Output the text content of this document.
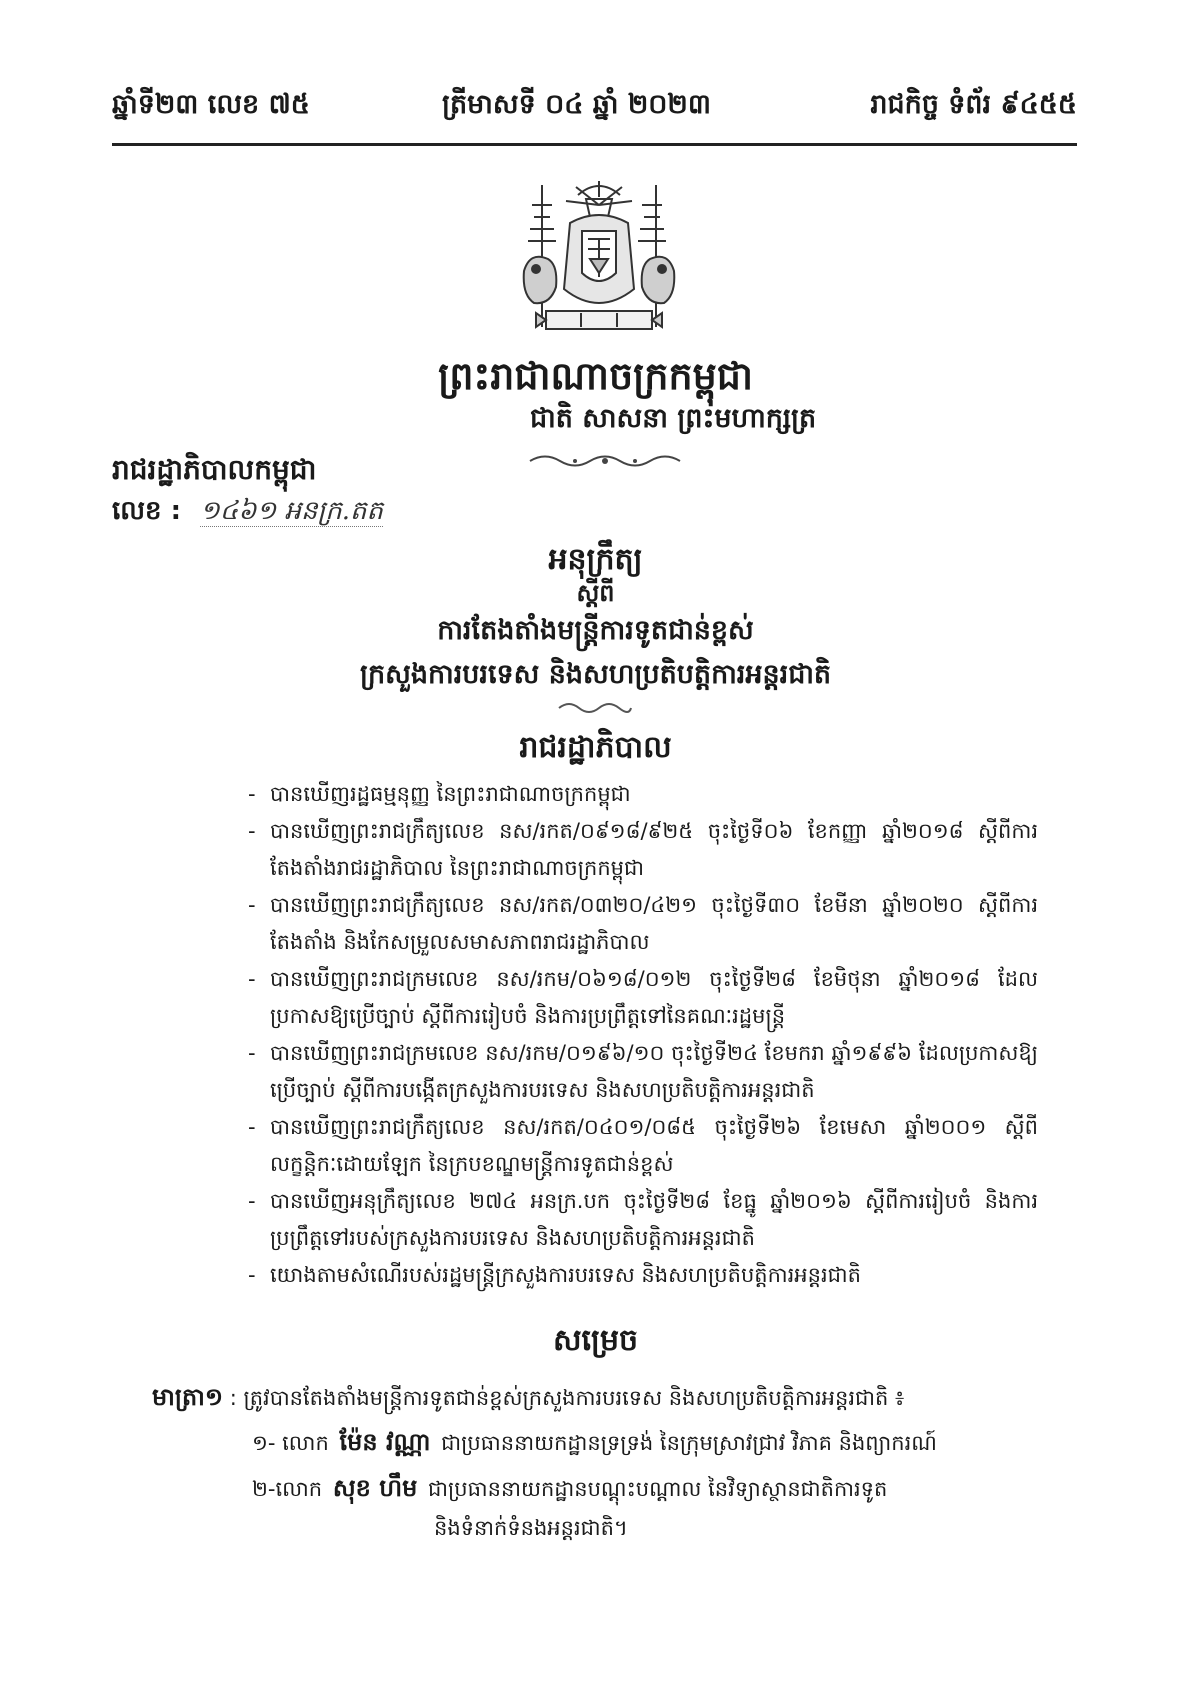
ឆ្នាំទី២៣ លេខ ៧៥	ត្រីមាសទី ០៤ ឆ្នាំ ២០២៣	រាជកិច្ច ទំព័រ ៩៤៥៥
ព្រះរាជាណាចក្រកម្ពុជា
ជាតិ សាសនា ព្រះមហាក្សត្រ
រាជរដ្ឋាភិបាលកម្ពុជា
លេខ : ១៤៦១ អនក្រ.តត
អនុក្រឹត្យ
ស្តីពី
ការតែងតាំងមន្ត្រីការទូតជាន់ខ្ពស់
ក្រសួងការបរទេស និងសហប្រតិបត្តិការអន្តរជាតិ
រាជរដ្ឋាភិបាល
- បានឃើញរដ្ឋធម្មនុញ្ញ នៃព្រះរាជាណាចក្រកម្ពុជា
- បានឃើញព្រះរាជក្រឹត្យលេខ នស/រកត/០៩១៨/៩២៥ ចុះថ្ងៃទី០៦ ខែកញ្ញា ឆ្នាំ២០១៨ ស្តីពីការតែងតាំងរាជរដ្ឋាភិបាល នៃព្រះរាជាណាចក្រកម្ពុជា
- បានឃើញព្រះរាជក្រឹត្យលេខ នស/រកត/០៣២០/៤២១ ចុះថ្ងៃទី៣០ ខែមីនា ឆ្នាំ២០២០ ស្តីពីការតែងតាំង និងកែសម្រួលសមាសភាពរាជរដ្ឋាភិបាល
- បានឃើញព្រះរាជក្រមលេខ នស/រកម/០៦១៨/០១២ ចុះថ្ងៃទី២៨ ខែមិថុនា ឆ្នាំ២០១៨ ដែលប្រកាសឱ្យប្រើច្បាប់ ស្តីពីការរៀបចំ និងការប្រព្រឹត្តទៅនៃគណៈរដ្ឋមន្ត្រី
- បានឃើញព្រះរាជក្រមលេខ នស/រកម/០១៩៦/១០ ចុះថ្ងៃទី២៤ ខែមករា ឆ្នាំ១៩៩៦ ដែលប្រកាសឱ្យប្រើច្បាប់ ស្តីពីការបង្កើតក្រសួងការបរទេស និងសហប្រតិបត្តិការអន្តរជាតិ
- បានឃើញព្រះរាជក្រឹត្យលេខ នស/រកត/០៤០១/០៨៥ ចុះថ្ងៃទី២៦ ខែមេសា ឆ្នាំ២០០១ ស្តីពីលក្ខន្តិកៈដោយឡែក នៃក្របខណ្ឌមន្ត្រីការទូតជាន់ខ្ពស់
- បានឃើញអនុក្រឹត្យលេខ ២៧៤ អនក្រ.បក ចុះថ្ងៃទី២៨ ខែធ្នូ ឆ្នាំ២០១៦ ស្តីពីការរៀបចំ និងការប្រព្រឹត្តទៅរបស់ក្រសួងការបរទេស និងសហប្រតិបត្តិការអន្តរជាតិ
- យោងតាមសំណើរបស់រដ្ឋមន្ត្រីក្រសួងការបរទេស និងសហប្រតិបត្តិការអន្តរជាតិ
សម្រេច
មាត្រា១ : ត្រូវបានតែងតាំងមន្ត្រីការទូតជាន់ខ្ពស់ក្រសួងការបរទេស និងសហប្រតិបត្តិការអន្តរជាតិ ៖
១- លោក ម៉ែន វណ្ណា ជាប្រធាននាយកដ្ឋានទ្រទ្រង់ នៃក្រុមស្រាវជ្រាវ វិភាគ និងព្យាករណ៍
២-លោក សុខ ហឹម ជាប្រធាននាយកដ្ឋានបណ្តុះបណ្តាល នៃវិទ្យាស្ថានជាតិការទូត
និងទំនាក់ទំនងអន្តរជាតិ។
